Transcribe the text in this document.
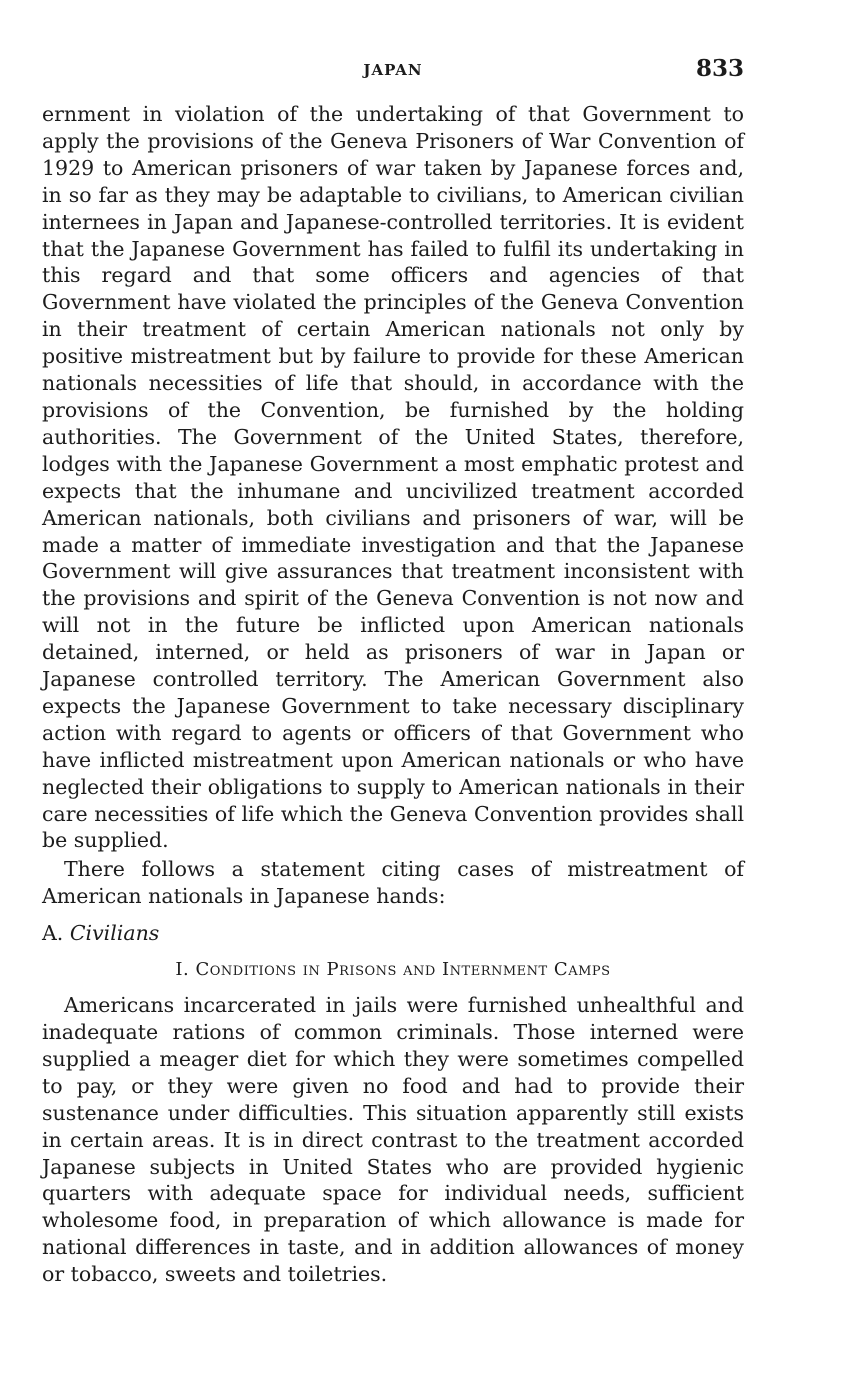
JAPAN	833

ernment in violation of the undertaking of that Government to apply the provisions of the Geneva Prisoners of War Convention of 1929 to American prisoners of war taken by Japanese forces and, in so far as they may be adaptable to civilians, to American civilian internees in Japan and Japanese-controlled territories. It is evident that the Japanese Government has failed to fulfil its undertaking in this regard and that some officers and agencies of that Government have violated the principles of the Geneva Convention in their treatment of certain American nationals not only by positive mistreatment but by failure to provide for these American nationals necessities of life that should, in accordance with the provisions of the Convention, be furnished by the holding authorities. The Government of the United States, therefore, lodges with the Japanese Government a most emphatic protest and expects that the inhumane and uncivilized treatment accorded American nationals, both civilians and prisoners of war, will be made a matter of immediate investigation and that the Japanese Government will give assurances that treatment inconsistent with the provisions and spirit of the Geneva Convention is not now and will not in the future be inflicted upon American nationals detained, interned, or held as prisoners of war in Japan or Japanese controlled territory. The American Government also expects the Japanese Government to take necessary disciplinary action with regard to agents or officers of that Government who have inflicted mistreatment upon American nationals or who have neglected their obligations to supply to American nationals in their care necessities of life which the Geneva Convention provides shall be supplied.

There follows a statement citing cases of mistreatment of American nationals in Japanese hands:

A. Civilians
I. Conditions in Prisons and Internment Camps

Americans incarcerated in jails were furnished unhealthful and inadequate rations of common criminals. Those interned were supplied a meager diet for which they were sometimes compelled to pay, or they were given no food and had to provide their sustenance under difficulties. This situation apparently still exists in certain areas. It is in direct contrast to the treatment accorded Japanese subjects in United States who are provided hygienic quarters with adequate space for individual needs, sufficient wholesome food, in preparation of which allowance is made for national differences in taste, and in addition allowances of money or tobacco, sweets and toiletries.
